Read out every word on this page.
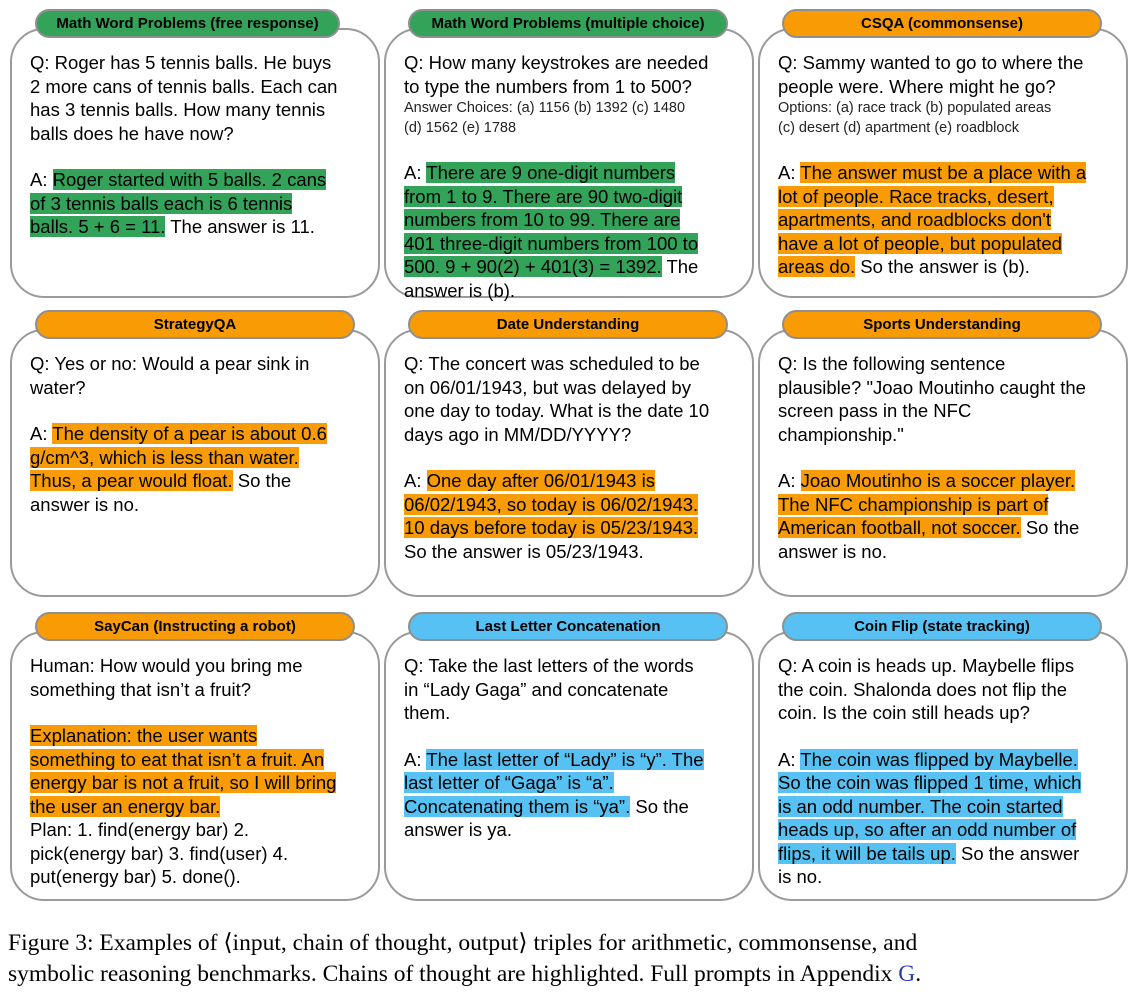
Math Word Problems (free response)

Q: Roger has 5 tennis balls. He buys

2 more cans of tennis balls. Each can

has 3 tennis balls. How many tennis

balls does he have now?

A: Roger started with 5 balls. 2 cans

of 3 tennis balls each is 6 tennis

balls. 5 + 6 = 11. The answer is 11.

Math Word Problems (multiple choice)

Q: How many keystrokes are needed

to type the numbers from 1 to 500?

Answer Choices: (a) 1156 (b) 1392 (c) 1480

(d) 1562 (e) 1788

A: There are 9 one-digit numbers

from 1 to 9. There are 90 two-digit

numbers from 10 to 99. There are

401 three-digit numbers from 100 to

500. 9 + 90(2) + 401(3) = 1392. The

answer is (b).

CSQA (commonsense)

Q: Sammy wanted to go to where the

people were. Where might he go?

Options: (a) race track (b) populated areas

(c) desert (d) apartment (e) roadblock

A: The answer must be a place with a

lot of people. Race tracks, desert,

apartments, and roadblocks don't

have a lot of people, but populated

areas do. So the answer is (b).

StrategyQA

Q: Yes or no: Would a pear sink in

water?

A: The density of a pear is about 0.6

g/cm^3, which is less than water.

Thus, a pear would float. So the

answer is no.

Date Understanding

Q: The concert was scheduled to be

on 06/01/1943, but was delayed by

one day to today. What is the date 10

days ago in MM/DD/YYYY?

A: One day after 06/01/1943 is

06/02/1943, so today is 06/02/1943.

10 days before today is 05/23/1943.

So the answer is 05/23/1943.

Sports Understanding

Q: Is the following sentence

plausible? "Joao Moutinho caught the

screen pass in the NFC

championship."

A: Joao Moutinho is a soccer player.

The NFC championship is part of

American football, not soccer. So the

answer is no.

SayCan (Instructing a robot)

Human: How would you bring me

something that isn’t a fruit?

Explanation: the user wants

something to eat that isn’t a fruit. An

energy bar is not a fruit, so I will bring

the user an energy bar.

Plan: 1. find(energy bar) 2.

pick(energy bar) 3. find(user) 4.

put(energy bar) 5. done().

Last Letter Concatenation

Q: Take the last letters of the words

in “Lady Gaga” and concatenate

them.

A: The last letter of “Lady” is “y”. The

last letter of “Gaga” is “a”.

Concatenating them is “ya”. So the

answer is ya.

Coin Flip (state tracking)

Q: A coin is heads up. Maybelle flips

the coin. Shalonda does not flip the

coin. Is the coin still heads up?

A: The coin was flipped by Maybelle.

So the coin was flipped 1 time, which

is an odd number. The coin started

heads up, so after an odd number of

flips, it will be tails up. So the answer

is no.

Figure 3: Examples of ⟨input, chain of thought, output⟩ triples for arithmetic, commonsense, and
symbolic reasoning benchmarks. Chains of thought are highlighted. Full prompts in Appendix G.
